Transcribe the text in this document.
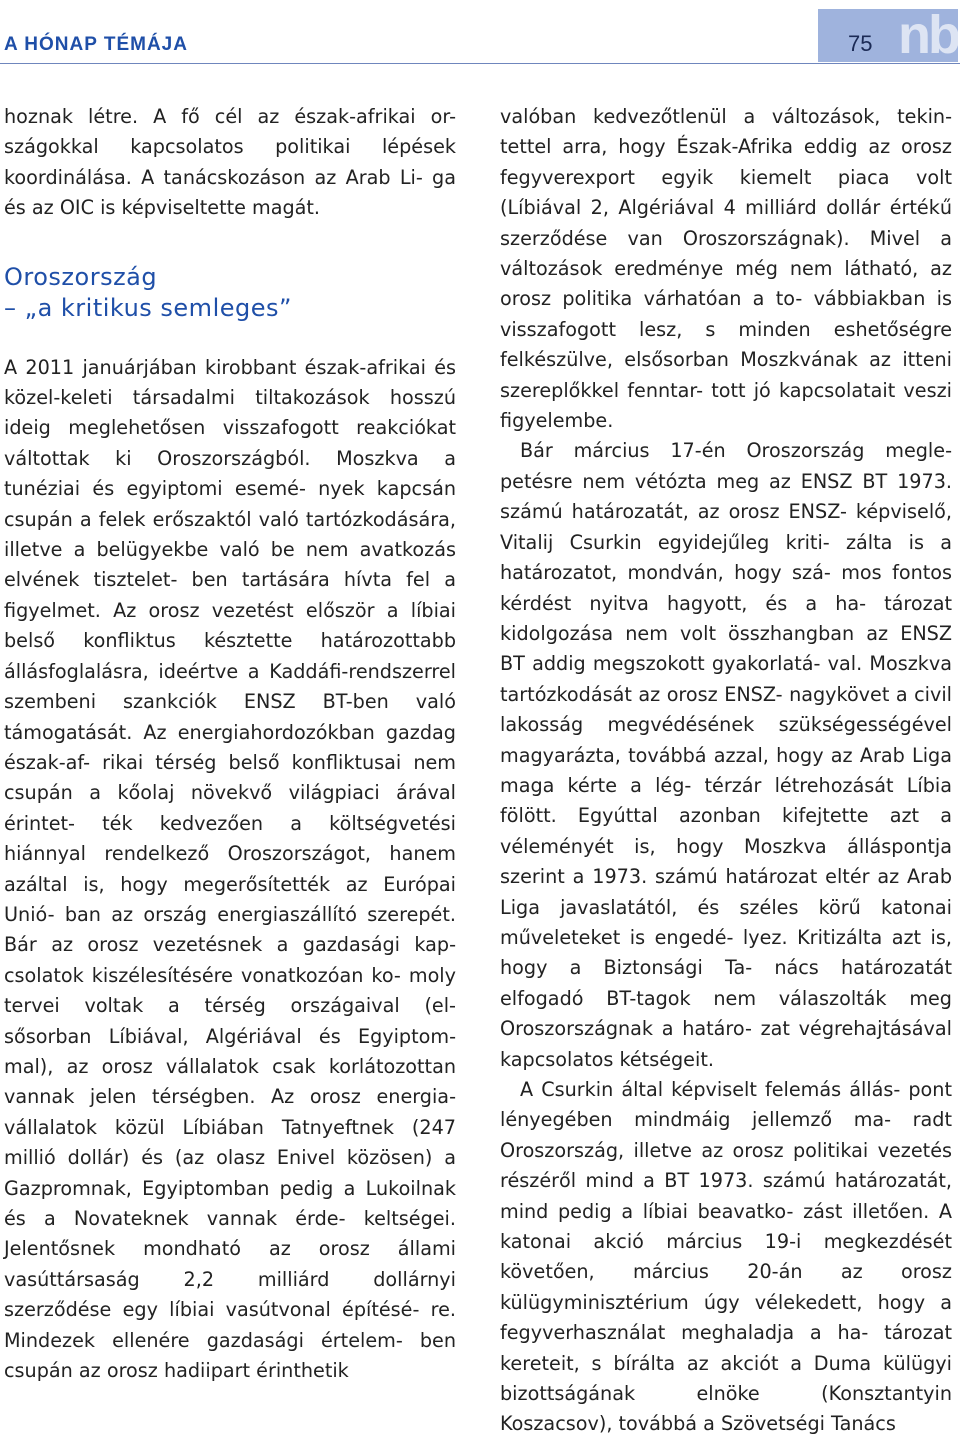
A HÓNAP TÉMÁJA	75 nb

hoznak létre. A fő cél az észak-afrikai or- szágokkal kapcsolatos politikai lépések koordinálása. A tanácskozáson az Arab Li- ga és az OIC is képviseltette magát.

Oroszország

– „a kritikus semleges”

A 2011 januárjában kirobbant észak-afrikai és közel-keleti társadalmi tiltakozások hosszú ideig meglehetősen visszafogott reakciókat váltottak ki Oroszországból. Moszkva a tunéziai és egyiptomi esemé- nyek kapcsán csupán a felek erőszaktól való tartózkodására, illetve a belügyekbe való be nem avatkozás elvének tisztelet- ben tartására hívta fel a figyelmet. Az orosz vezetést először a líbiai belső konfliktus késztette határozottabb állásfoglalásra, ideértve a Kaddáfi-rendszerrel szembeni szankciók ENSZ BT-ben való támogatását. Az energiahordozókban gazdag észak-af- rikai térség belső konfliktusai nem csupán a kőolaj növekvő világpiaci árával érintet- ték kedvezően a költségvetési hiánnyal rendelkező Oroszországot, hanem azáltal is, hogy megerősítették az Európai Unió- ban az ország energiaszállító szerepét. Bár az orosz vezetésnek a gazdasági kap- csolatok kiszélesítésére vonatkozóan ko- moly tervei voltak a térség országaival (el- sősorban Líbiával, Algériával és Egyiptom- mal), az orosz vállalatok csak korlátozottan vannak jelen térségben. Az orosz energia- vállalatok közül Líbiában Tatnyeftnek (247 millió dollár) és (az olasz Enivel közösen) a Gazpromnak, Egyiptomban pedig a Lukoilnak és a Novateknek vannak érde- keltségei. Jelentősnek mondható az orosz állami vasúttársaság 2,2 milliárd dollárnyi szerződése egy líbiai vasútvonal építésé- re. Mindezek ellenére gazdasági értelem- ben csupán az orosz hadiipart érinthetik

valóban kedvezőtlenül a változások, tekin- tettel arra, hogy Észak-Afrika eddig az orosz fegyverexport egyik kiemelt piaca volt (Líbiával 2, Algériával 4 milliárd dollár értékű szerződése van Oroszországnak). Mivel a változások eredménye még nem látható, az orosz politika várhatóan a to- vábbiakban is visszafogott lesz, s minden eshetőségre felkészülve, elsősorban Moszkvának az itteni szereplőkkel fenntar- tott jó kapcsolatait veszi figyelembe.

Bár március 17-én Oroszország megle- petésre nem vétózta meg az ENSZ BT 1973. számú határozatát, az orosz ENSZ- képviselő, Vitalij Csurkin egyidejűleg kriti- zálta is a határozatot, mondván, hogy szá- mos fontos kérdést nyitva hagyott, és a ha- tározat kidolgozása nem volt összhangban az ENSZ BT addig megszokott gyakorlatá- val. Moszkva tartózkodását az orosz ENSZ- nagykövet a civil lakosság megvédésének szükségességével magyarázta, továbbá azzal, hogy az Arab Liga maga kérte a lég- térzár létrehozását Líbia fölött. Egyúttal azonban kifejtette azt a véleményét is, hogy Moszkva álláspontja szerint a 1973. számú határozat eltér az Arab Liga javaslatától, és széles körű katonai műveleteket is engedé- lyez. Kritizálta azt is, hogy a Biztonsági Ta- nács határozatát elfogadó BT-tagok nem válaszolták meg Oroszországnak a határo- zat végrehajtásával kapcsolatos kétségeit.

A Csurkin által képviselt felemás állás- pont lényegében mindmáig jellemző ma- radt Oroszország, illetve az orosz politikai vezetés részéről mind a BT 1973. számú határozatát, mind pedig a líbiai beavatko- zást illetően. A katonai akció március 19-i megkezdését követően, március 20-án az orosz külügyminisztérium úgy vélekedett, hogy a fegyverhasználat meghaladja a ha- tározat kereteit, s bírálta az akciót a Duma külügyi bizottságának elnöke (Konsztantyin Koszacsov), továbbá a Szövetségi Tanács
